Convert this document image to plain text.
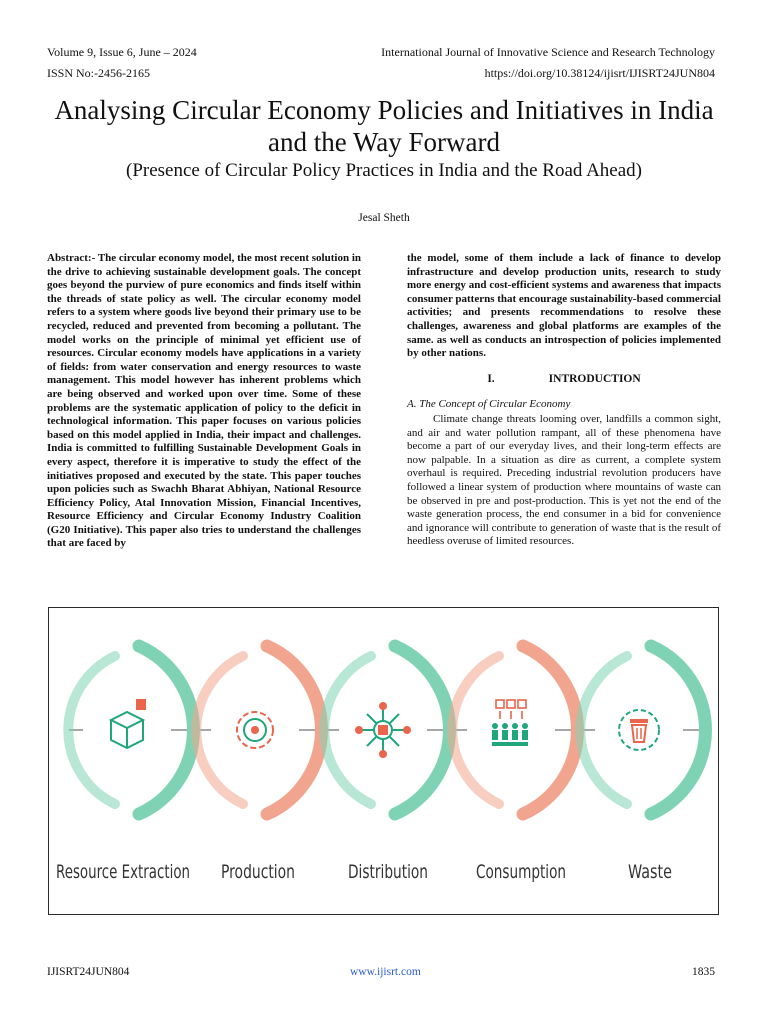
Volume 9, Issue 6, June – 2024	International Journal of Innovative Science and Research Technology
ISSN No:-2456-2165	https://doi.org/10.38124/ijisrt/IJISRT24JUN804
Analysing Circular Economy Policies and Initiatives in India and the Way Forward
(Presence of Circular Policy Practices in India and the Road Ahead)
Jesal Sheth

Abstract:- The circular economy model, the most recent solution in the drive to achieving sustainable development goals. The concept goes beyond the purview of pure economics and finds itself within the threads of state policy as well. The circular economy model refers to a system where goods live beyond their primary use to be recycled, reduced and prevented from becoming a pollutant. The model works on the principle of minimal yet efficient use of resources. Circular economy models have applications in a variety of fields: from water conservation and energy resources to waste management. This model however has inherent problems which are being observed and worked upon over time. Some of these problems are the systematic application of policy to the deficit in technological information. This paper focuses on various policies based on this model applied in India, their impact and challenges. India is committed to fulfilling Sustainable Development Goals in every aspect, therefore it is imperative to study the effect of the initiatives proposed and executed by the state. This paper touches upon policies such as Swachh Bharat Abhiyan, National Resource Efficiency Policy, Atal Innovation Mission, Financial Incentives, Resource Efficiency and Circular Economy Industry Coalition (G20 Initiative). This paper also tries to understand the challenges that are faced by

the model, some of them include a lack of finance to develop infrastructure and develop production units, research to study more energy and cost-efficient systems and awareness that impacts consumer patterns that encourage sustainability-based commercial activities; and presents recommendations to resolve these challenges, awareness and global platforms are examples of the same. as well as conducts an introspection of policies implemented by other nations.

I.	INTRODUCTION
A. The Concept of Circular Economy

Climate change threats looming over, landfills a common sight, and air and water pollution rampant, all of these phenomena have become a part of our everyday lives, and their long-term effects are now palpable. In a situation as dire as current, a complete system overhaul is required. Preceding industrial revolution producers have followed a linear system of production where mountains of waste can be observed in pre and post-production. This is yet not the end of the waste generation process, the end consumer in a bid for convenience and ignorance will contribute to generation of waste that is the result of heedless overuse of limited resources.

Resource Extraction Production	Distribution	Consumption	Waste
IJISRT24JUN804	www.ijisrt.com	1835
